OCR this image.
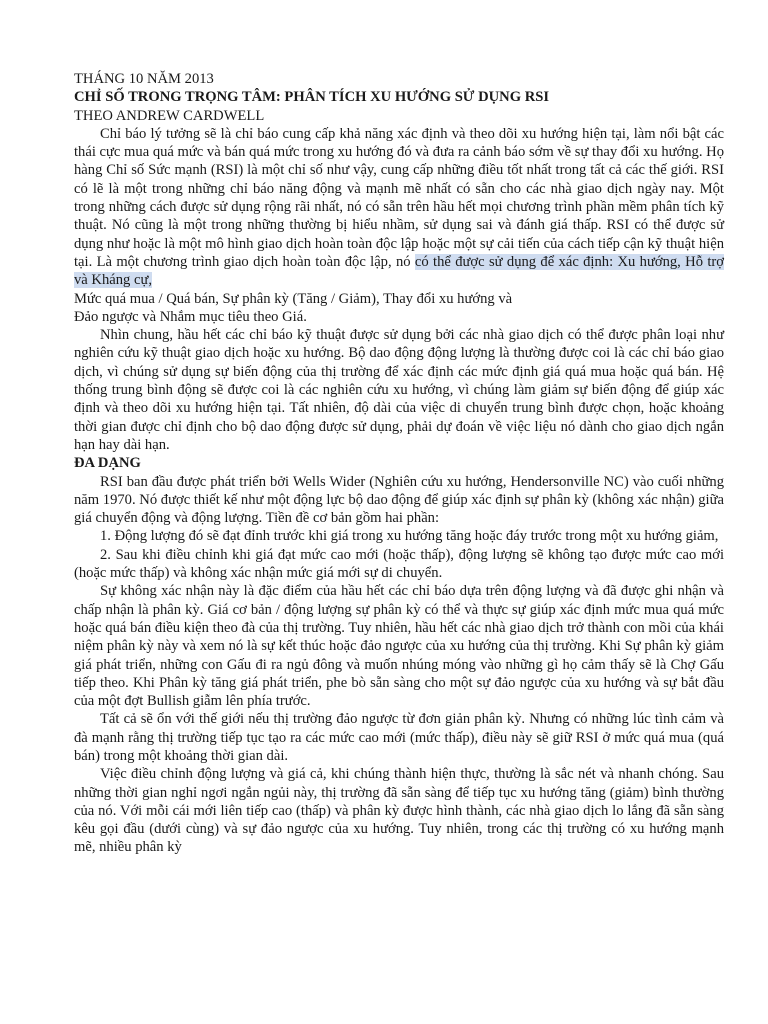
THÁNG 10 NĂM 2013

CHỈ SỐ TRONG TRỌNG TÂM: PHÂN TÍCH XU HƯỚNG SỬ DỤNG RSI

THEO ANDREW CARDWELL

Chỉ báo lý tưởng sẽ là chỉ báo cung cấp khả năng xác định và theo dõi xu hướng hiện tại, làm nổi bật các thái cực mua quá mức và bán quá mức trong xu hướng đó và đưa ra cảnh báo sớm về sự thay đổi xu hướng. Họ hàng Chỉ số Sức mạnh (RSI) là một chỉ số như vậy, cung cấp những điều tốt nhất trong tất cả các thế giới. RSI có lẽ là một trong những chỉ báo năng động và mạnh mẽ nhất có sẵn cho các nhà giao dịch ngày nay. Một trong những cách được sử dụng rộng rãi nhất, nó có sẵn trên hầu hết mọi chương trình phần mềm phân tích kỹ thuật. Nó cũng là một trong những thường bị hiểu nhầm, sử dụng sai và đánh giá thấp. RSI có thể được sử dụng như hoặc là một mô hình giao dịch hoàn toàn độc lập hoặc một sự cải tiến của cách tiếp cận kỹ thuật hiện tại. Là một chương trình giao dịch hoàn toàn độc lập, nó có thể được sử dụng để xác định: Xu hướng, Hỗ trợ và Kháng cự,

Mức quá mua / Quá bán, Sự phân kỳ (Tăng / Giảm), Thay đổi xu hướng và

Đảo ngược và Nhắm mục tiêu theo Giá.

Nhìn chung, hầu hết các chỉ báo kỹ thuật được sử dụng bởi các nhà giao dịch có thể được phân loại như nghiên cứu kỹ thuật giao dịch hoặc xu hướng. Bộ dao động động lượng là thường được coi là các chỉ báo giao dịch, vì chúng sử dụng sự biến động của thị trường để xác định các mức định giá quá mua hoặc quá bán. Hệ thống trung bình động sẽ được coi là các nghiên cứu xu hướng, vì chúng làm giảm sự biến động để giúp xác định và theo dõi xu hướng hiện tại. Tất nhiên, độ dài của việc di chuyển trung bình được chọn, hoặc khoảng thời gian được chỉ định cho bộ dao động được sử dụng, phải dự đoán về việc liệu nó dành cho giao dịch ngắn hạn hay dài hạn.

ĐA DẠNG

RSI ban đầu được phát triển bởi Wells Wider (Nghiên cứu xu hướng, Hendersonville NC) vào cuối những năm 1970. Nó được thiết kế như một động lực bộ dao động để giúp xác định sự phân kỳ (không xác nhận) giữa giá chuyển động và động lượng. Tiền đề cơ bản gồm hai phần:

1. Động lượng đó sẽ đạt đỉnh trước khi giá trong xu hướng tăng hoặc đáy trước trong một xu hướng giảm,

2. Sau khi điều chỉnh khi giá đạt mức cao mới (hoặc thấp), động lượng sẽ không tạo được mức cao mới (hoặc mức thấp) và không xác nhận mức giá mới sự di chuyển.

Sự không xác nhận này là đặc điểm của hầu hết các chỉ báo dựa trên động lượng và đã được ghi nhận và chấp nhận là phân kỳ. Giá cơ bản / động lượng sự phân kỳ có thể và thực sự giúp xác định mức mua quá mức hoặc quá bán điều kiện theo đà của thị trường. Tuy nhiên, hầu hết các nhà giao dịch trở thành con mồi của khái niệm phân kỳ này và xem nó là sự kết thúc hoặc đảo ngược của xu hướng của thị trường. Khi Sự phân kỳ giảm giá phát triển, những con Gấu đi ra ngủ đông và muốn nhúng móng vào những gì họ cảm thấy sẽ là Chợ Gấu tiếp theo. Khi Phân kỳ tăng giá phát triển, phe bò sẵn sàng cho một sự đảo ngược của xu hướng và sự bắt đầu của một đợt Bullish giẫm lên phía trước.

Tất cả sẽ ổn với thế giới nếu thị trường đảo ngược từ đơn giản phân kỳ. Nhưng có những lúc tình cảm và đà mạnh rằng thị trường tiếp tục tạo ra các mức cao mới (mức thấp), điều này sẽ giữ RSI ở mức quá mua (quá bán) trong một khoảng thời gian dài.

Việc điều chỉnh động lượng và giá cả, khi chúng thành hiện thực, thường là sắc nét và nhanh chóng. Sau những thời gian nghỉ ngơi ngắn ngủi này, thị trường đã sẵn sàng để tiếp tục xu hướng tăng (giảm) bình thường của nó. Với mỗi cái mới liên tiếp cao (thấp) và phân kỳ được hình thành, các nhà giao dịch lo lắng đã sẵn sàng kêu gọi đầu (dưới cùng) và sự đảo ngược của xu hướng. Tuy nhiên, trong các thị trường có xu hướng mạnh mẽ, nhiều phân kỳ
